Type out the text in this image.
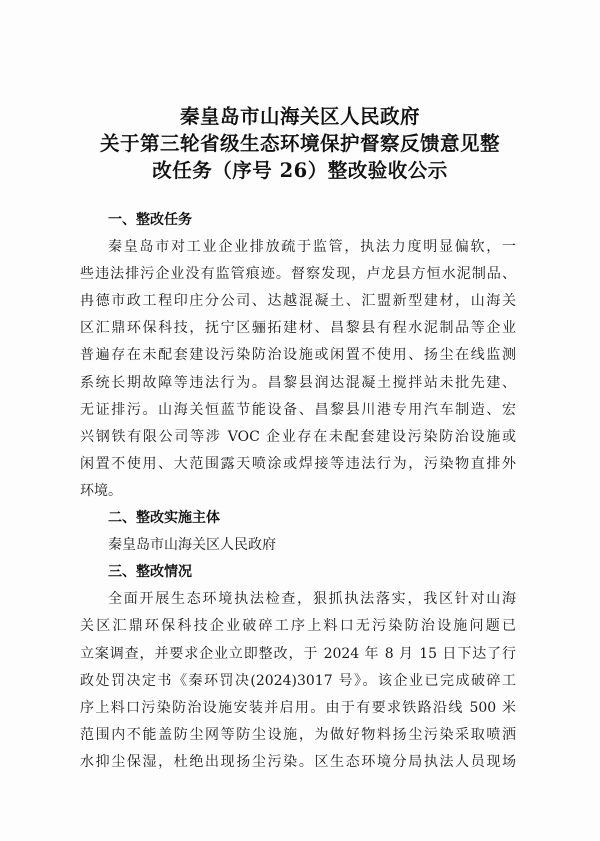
秦皇岛市山海关区人民政府
关于第三轮省级生态环境保护督察反馈意见整
改任务（序号 26）整改验收公示
一、整改任务
秦皇岛市对工业企业排放疏于监管，执法力度明显偏软，一
些违法排污企业没有监管痕迹。督察发现，卢龙县方恒水泥制品、
冉德市政工程印庄分公司、达越混凝土、汇盟新型建材，山海关
区汇鼎环保科技，抚宁区骊拓建材、昌黎县有程水泥制品等企业
普遍存在未配套建设污染防治设施或闲置不使用、扬尘在线监测
系统长期故障等违法行为。昌黎县润达混凝土搅拌站未批先建、
无证排污。山海关恒蓝节能设备、昌黎县川港专用汽车制造、宏
兴钢铁有限公司等涉 VOC 企业存在未配套建设污染防治设施或
闲置不使用、大范围露天喷涂或焊接等违法行为，污染物直排外
环境。
二、整改实施主体
秦皇岛市山海关区人民政府
三、整改情况
全面开展生态环境执法检查，狠抓执法落实，我区针对山海
关区汇鼎环保科技企业破碎工序上料口无污染防治设施问题已
立案调查，并要求企业立即整改，于 2024 年 8 月 15 日下达了行
政处罚决定书《秦环罚决(2024)3017 号》。该企业已完成破碎工
序上料口污染防治设施安装并启用。由于有要求铁路沿线 500 米
范围内不能盖防尘网等防尘设施，为做好物料扬尘污染采取喷洒
水抑尘保湿，杜绝出现扬尘污染。区生态环境分局执法人员现场
